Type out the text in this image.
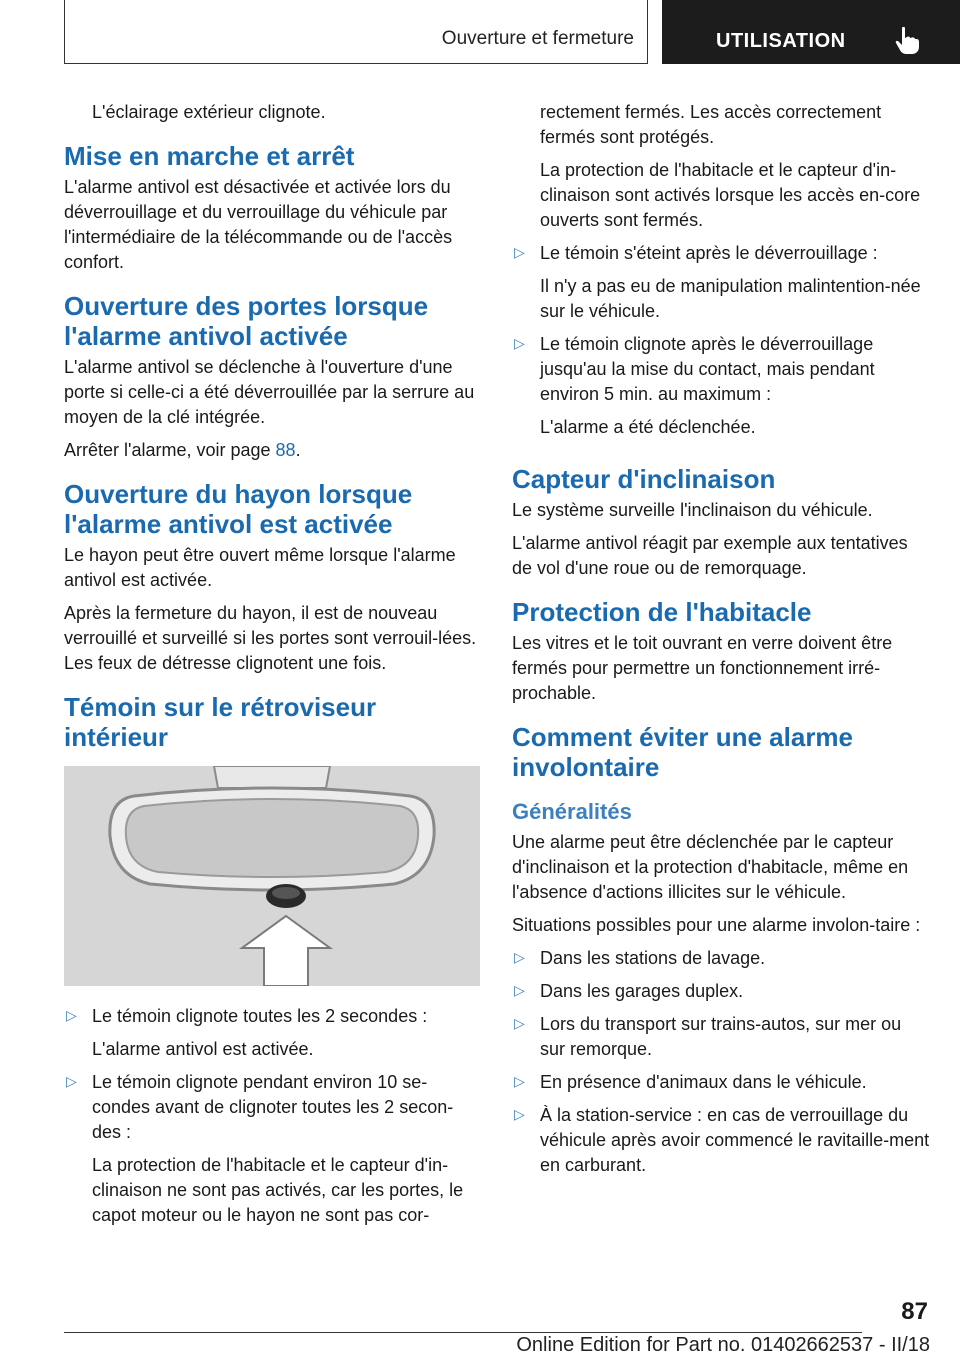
Ouverture et fermeture	UTILISATION

L'éclairage extérieur clignote.

Mise en marche et arrêt

L'alarme antivol est désactivée et activée lors du déverrouillage et du verrouillage du véhicule par l'intermédiaire de la télécommande ou de l'accès confort.

Ouverture des portes lorsque l'alarme antivol activée

L'alarme antivol se déclenche à l'ouverture d'une porte si celle-ci a été déverrouillée par la serrure au moyen de la clé intégrée.

Arrêter l'alarme, voir page 88.

Ouverture du hayon lorsque l'alarme antivol est activée

Le hayon peut être ouvert même lorsque l'alarme antivol est activée.

Après la fermeture du hayon, il est de nouveau verrouillé et surveillé si les portes sont verrouil-lées. Les feux de détresse clignotent une fois.

Témoin sur le rétroviseur intérieur
▷ Le témoin clignote toutes les 2 secondes :

L'alarme antivol est activée.

▷ Le témoin clignote pendant environ 10 se-condes avant de clignoter toutes les 2 secon-des :

La protection de l'habitacle et le capteur d'in-clinaison ne sont pas activés, car les portes, le capot moteur ou le hayon ne sont pas cor-

rectement fermés. Les accès correctement fermés sont protégés.

La protection de l'habitacle et le capteur d'in-clinaison sont activés lorsque les accès en-core ouverts sont fermés.

▷ Le témoin s'éteint après le déverrouillage :

Il n'y a pas eu de manipulation malintention-née sur le véhicule.

▷ Le témoin clignote après le déverrouillage jusqu'au la mise du contact, mais pendant environ 5 min. au maximum :

L'alarme a été déclenchée.

Capteur d'inclinaison

Le système surveille l'inclinaison du véhicule.

L'alarme antivol réagit par exemple aux tentatives de vol d'une roue ou de remorquage.

Protection de l'habitacle

Les vitres et le toit ouvrant en verre doivent être fermés pour permettre un fonctionnement irré-prochable.

Comment éviter une alarme involontaire
Généralités

Une alarme peut être déclenchée par le capteur d'inclinaison et la protection d'habitacle, même en l'absence d'actions illicites sur le véhicule.

Situations possibles pour une alarme involon-taire :

▷ Dans les stations de lavage.

▷ Dans les garages duplex.

▷ Lors du transport sur trains-autos, sur mer ou sur remorque.

▷ En présence d'animaux dans le véhicule.

▷ À la station-service : en cas de verrouillage du véhicule après avoir commencé le ravitaille-ment en carburant.

87
Online Edition for Part no. 01402662537 - II/18
